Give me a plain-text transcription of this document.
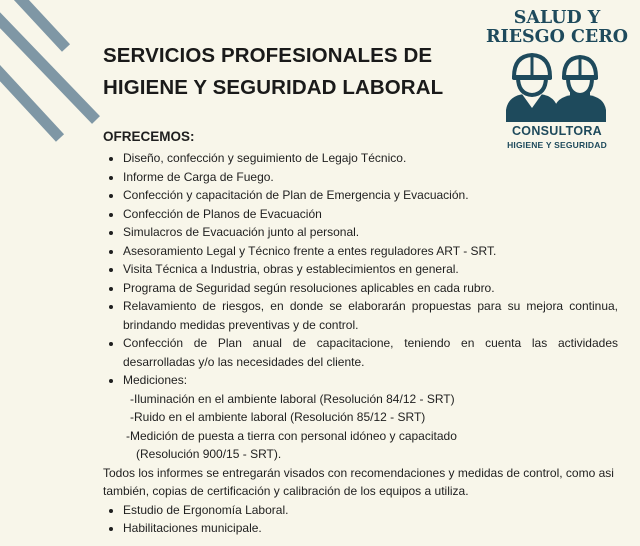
SERVICIOS PROFESIONALES DE
HIGIENE Y SEGURIDAD LABORAL
SALUD Y
RIESGO CERO
CONSULTORA
HIGIENE Y SEGURIDAD
OFRECEMOS:
• Diseño, confección y seguimiento de Legajo Técnico.
• Informe de Carga de Fuego.
• Confección y capacitación de Plan de Emergencia y Evacuación.
• Confección de Planos de Evacuación
• Simulacros de Evacuación junto al personal.
• Asesoramiento Legal y Técnico frente a entes reguladores ART - SRT.
• Visita Técnica a Industria, obras y establecimientos en general.
• Programa de Seguridad según resoluciones aplicables en cada rubro.
• Relavamiento de riesgos, en donde se elaborarán propuestas para su mejora continua, brindando medidas preventivas y de control.
• Confección de Plan anual de capacitacione, teniendo en cuenta las actividades desarrolladas y/o las necesidades del cliente.
• Mediciones:
-Iluminación en el ambiente laboral (Resolución 84/12 - SRT)
-Ruido en el ambiente laboral (Resolución 85/12 - SRT)
-Medición de puesta a tierra con personal idóneo y capacitado
(Resolución 900/15 - SRT).

Todos los informes se entregarán visados con recomendaciones y medidas de control, como asi también, copias de certificación y calibración de los equipos a utiliza.

• Estudio de Ergonomía Laboral.
• Habilitaciones municipale.
